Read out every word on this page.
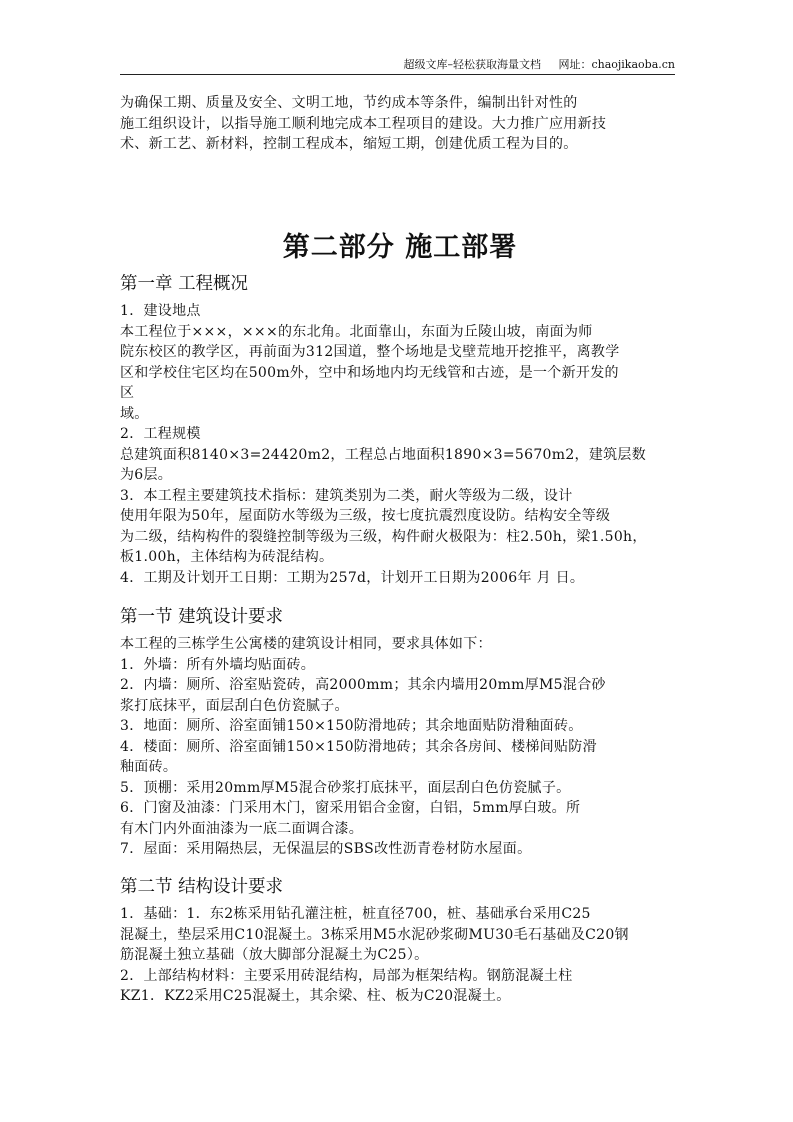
超级文库–轻松获取海量文档 网址：chaojikaoba.cn

为确保工期、质量及安全、文明工地，节约成本等条件，编制出针对性的

施工组织设计，以指导施工顺利地完成本工程项目的建设。大力推广应用新技

术、新工艺、新材料，控制工程成本，缩短工期，创建优质工程为目的。

第二部分 施工部署
第一章 工程概况

1．建设地点

本工程位于×××，×××的东北角。北面靠山，东面为丘陵山坡，南面为师

院东校区的教学区，再前面为312国道，整个场地是戈壁荒地开挖推平，离教学

区和学校住宅区均在500m外，空中和场地内均无线管和古迹，是一个新开发的

区

域。

2．工程规模

总建筑面积8140×3=24420m2，工程总占地面积1890×3=5670m2，建筑层数

为6层。

3．本工程主要建筑技术指标：建筑类别为二类，耐火等级为二级，设计

使用年限为50年，屋面防水等级为三级，按七度抗震烈度设防。结构安全等级

为二级，结构构件的裂缝控制等级为三级，构件耐火极限为：柱2.50h，梁1.50h，

板1.00h，主体结构为砖混结构。

4．工期及计划开工日期：工期为257d，计划开工日期为2006年 月 日。

第一节 建筑设计要求

本工程的三栋学生公寓楼的建筑设计相同，要求具体如下：

1．外墙：所有外墙均贴面砖。

2．内墙：厕所、浴室贴瓷砖，高2000mm；其余内墙用20mm厚M5混合砂

浆打底抹平，面层刮白色仿瓷腻子。

3．地面：厕所、浴室面铺150×150防滑地砖；其余地面贴防滑釉面砖。

4．楼面：厕所、浴室面铺150×150防滑地砖；其余各房间、楼梯间贴防滑

釉面砖。

5．顶棚：采用20mm厚M5混合砂浆打底抹平，面层刮白色仿瓷腻子。

6．门窗及油漆：门采用木门，窗采用铝合金窗，白铝，5mm厚白玻。所

有木门内外面油漆为一底二面调合漆。

7．屋面：采用隔热层，无保温层的SBS改性沥青卷材防水屋面。

第二节 结构设计要求

1．基础：1．东2栋采用钻孔灌注桩，桩直径700，桩、基础承台采用C25

混凝土，垫层采用C10混凝土。3栋采用M5水泥砂浆砌MU30毛石基础及C20钢

筋混凝土独立基础（放大脚部分混凝土为C25）。

2．上部结构材料：主要采用砖混结构，局部为框架结构。钢筋混凝土柱

KZ1．KZ2采用C25混凝土，其余梁、柱、板为C20混凝土。
